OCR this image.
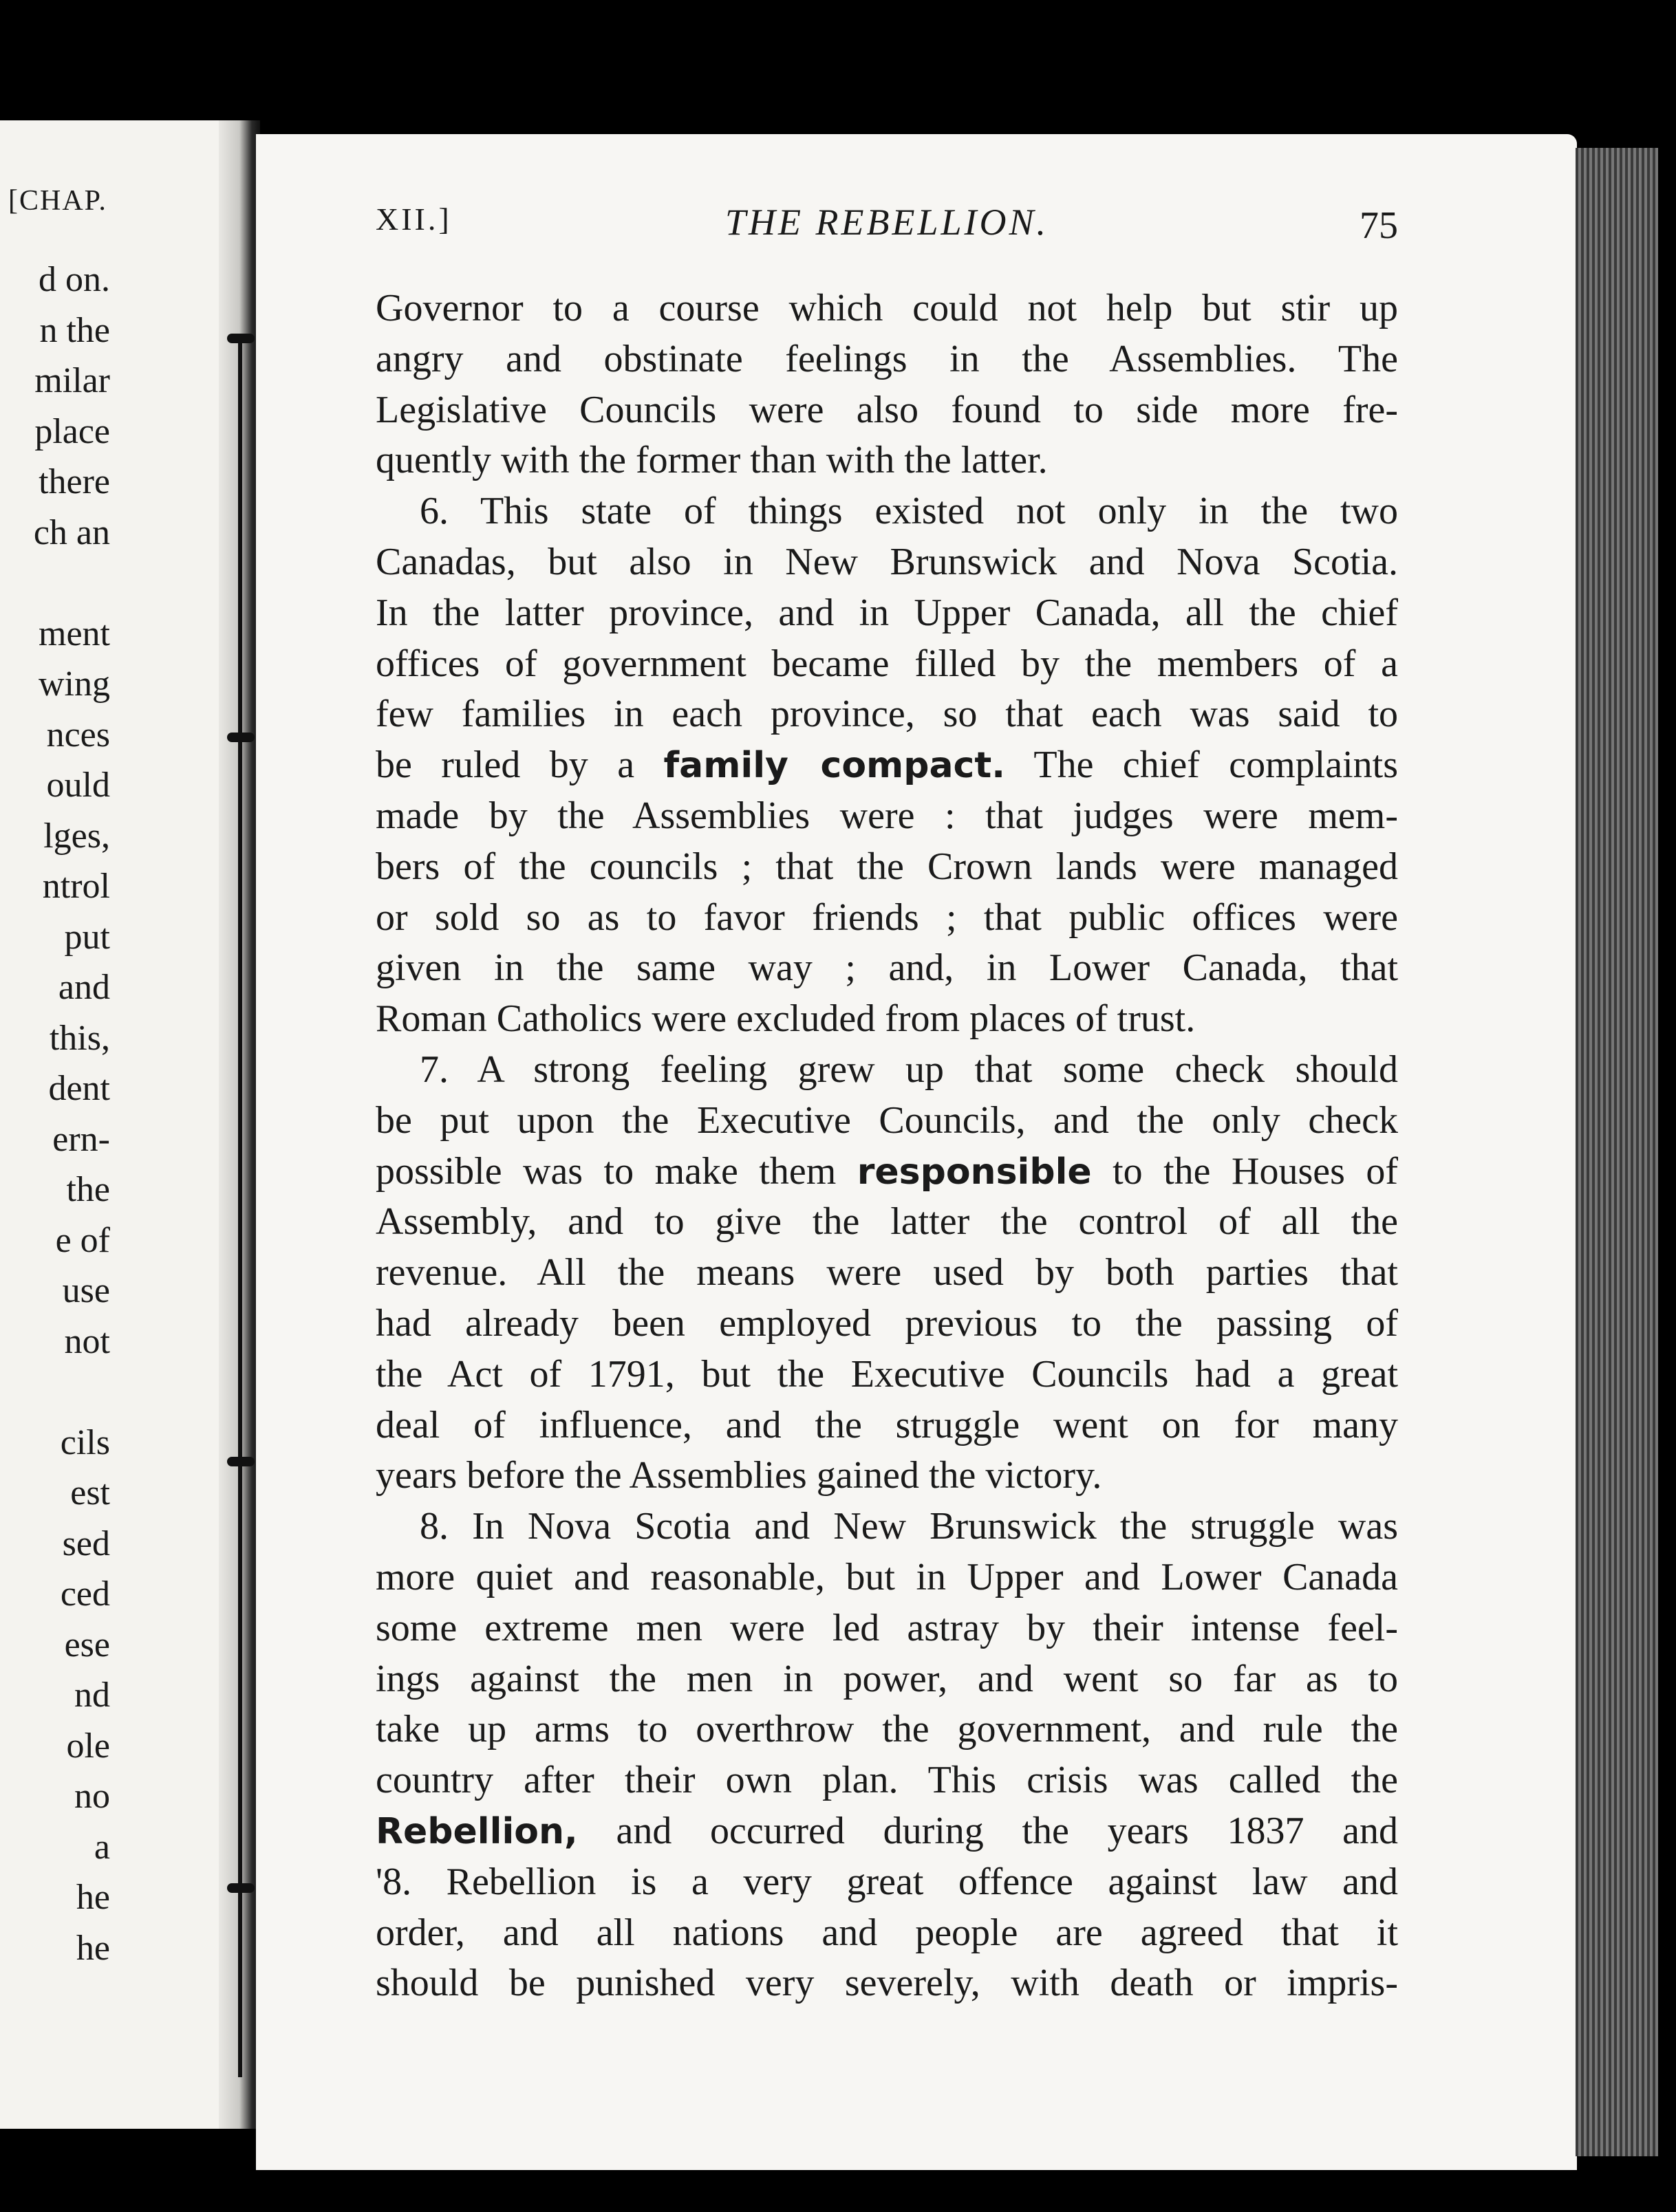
[CHAP.

d on.
n the
milar
place
there
ch an

ment
wing
nces
ould
lges,
ntrol
put
and
this,
dent
ern-
the
e of
use
not

cils
est
sed
ced
ese
nd
ole
no
a
he
he
XII.]	THE REBELLION.	75
Governor to a course which could not help but stir up
angry and obstinate feelings in the Assemblies. The
Legislative Councils were also found to side more fre-
quently with the former than with the latter.
6. This state of things existed not only in the two
Canadas, but also in New Brunswick and Nova Scotia.
In the latter province, and in Upper Canada, all the chief
offices of government became filled by the members of a
few families in each province, so that each was said to
be ruled by a family compact. The chief complaints
made by the Assemblies were : that judges were mem-
bers of the councils ; that the Crown lands were managed
or sold so as to favor friends ; that public offices were
given in the same way ; and, in Lower Canada, that
Roman Catholics were excluded from places of trust.
7. A strong feeling grew up that some check should
be put upon the Executive Councils, and the only check
possible was to make them responsible to the Houses of
Assembly, and to give the latter the control of all the
revenue. All the means were used by both parties that
had already been employed previous to the passing of
the Act of 1791, but the Executive Councils had a great
deal of influence, and the struggle went on for many
years before the Assemblies gained the victory.
8. In Nova Scotia and New Brunswick the struggle was
more quiet and reasonable, but in Upper and Lower Canada
some extreme men were led astray by their intense feel-
ings against the men in power, and went so far as to
take up arms to overthrow the government, and rule the
country after their own plan. This crisis was called the
Rebellion, and occurred during the years 1837 and
'8. Rebellion is a very great offence against law and
order, and all nations and people are agreed that it
should be punished very severely, with death or impris-
